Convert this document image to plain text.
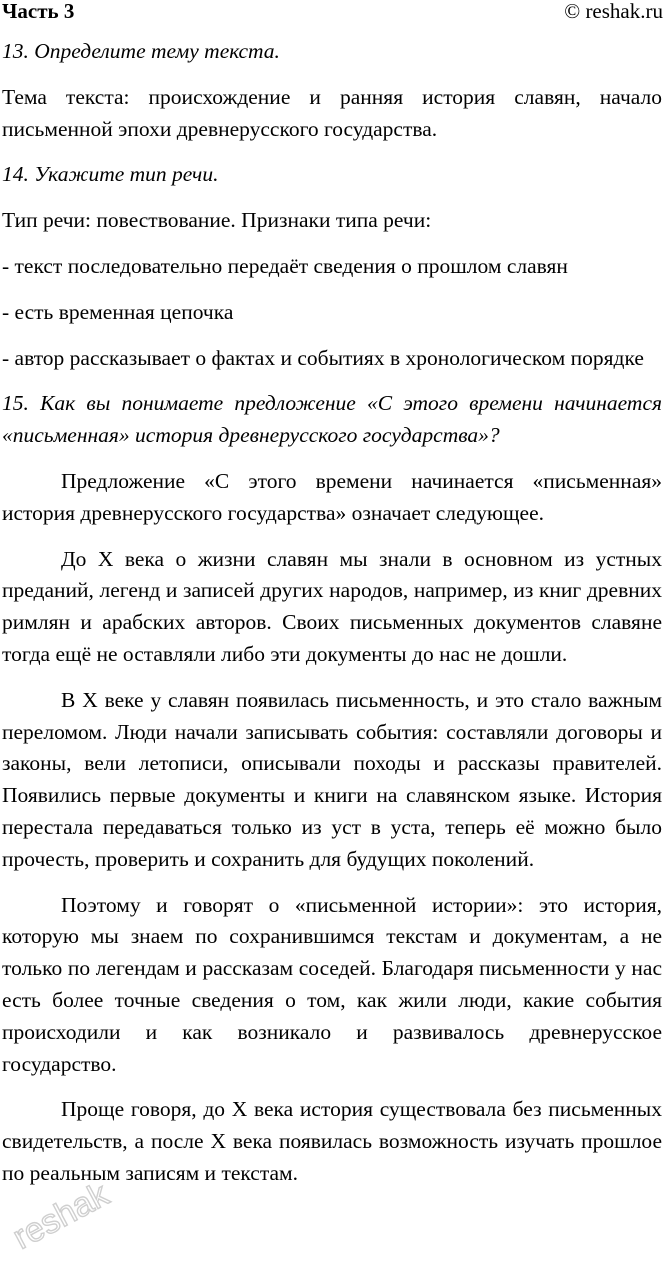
Часть 3	© reshak.ru
13. Определите тему текста.
Тема текста: происхождение и ранняя история славян, начало письменной эпохи древнерусского государства.
14. Укажите тип речи.
Тип речи: повествование. Признаки типа речи:
- текст последовательно передаёт сведения о прошлом славян
- есть временная цепочка
- автор рассказывает о фактах и событиях в хронологическом порядке
15. Как вы понимаете предложение «С этого времени начинается «письменная» история древнерусского государства»?
Предложение «С этого времени начинается «письменная» история древнерусского государства» означает следующее.
До X века о жизни славян мы знали в основном из устных преданий, легенд и записей других народов, например, из книг древних римлян и арабских авторов. Своих письменных документов славяне тогда ещё не оставляли либо эти документы до нас не дошли.
В X веке у славян появилась письменность, и это стало важным переломом. Люди начали записывать события: составляли договоры и законы, вели летописи, описывали походы и рассказы правителей. Появились первые документы и книги на славянском языке. История перестала передаваться только из уст в уста, теперь её можно было прочесть, проверить и сохранить для будущих поколений.
Поэтому и говорят о «письменной истории»: это история, которую мы знаем по сохранившимся текстам и документам, а не только по легендам и рассказам соседей. Благодаря письменности у нас есть более точные сведения о том, как жили люди, какие события происходили и как возникало и развивалось древнерусское государство.
Проще говоря, до X века история существовала без письменных свидетельств, а после X века появилась возможность изучать прошлое по реальным записям и текстам.
reshak
